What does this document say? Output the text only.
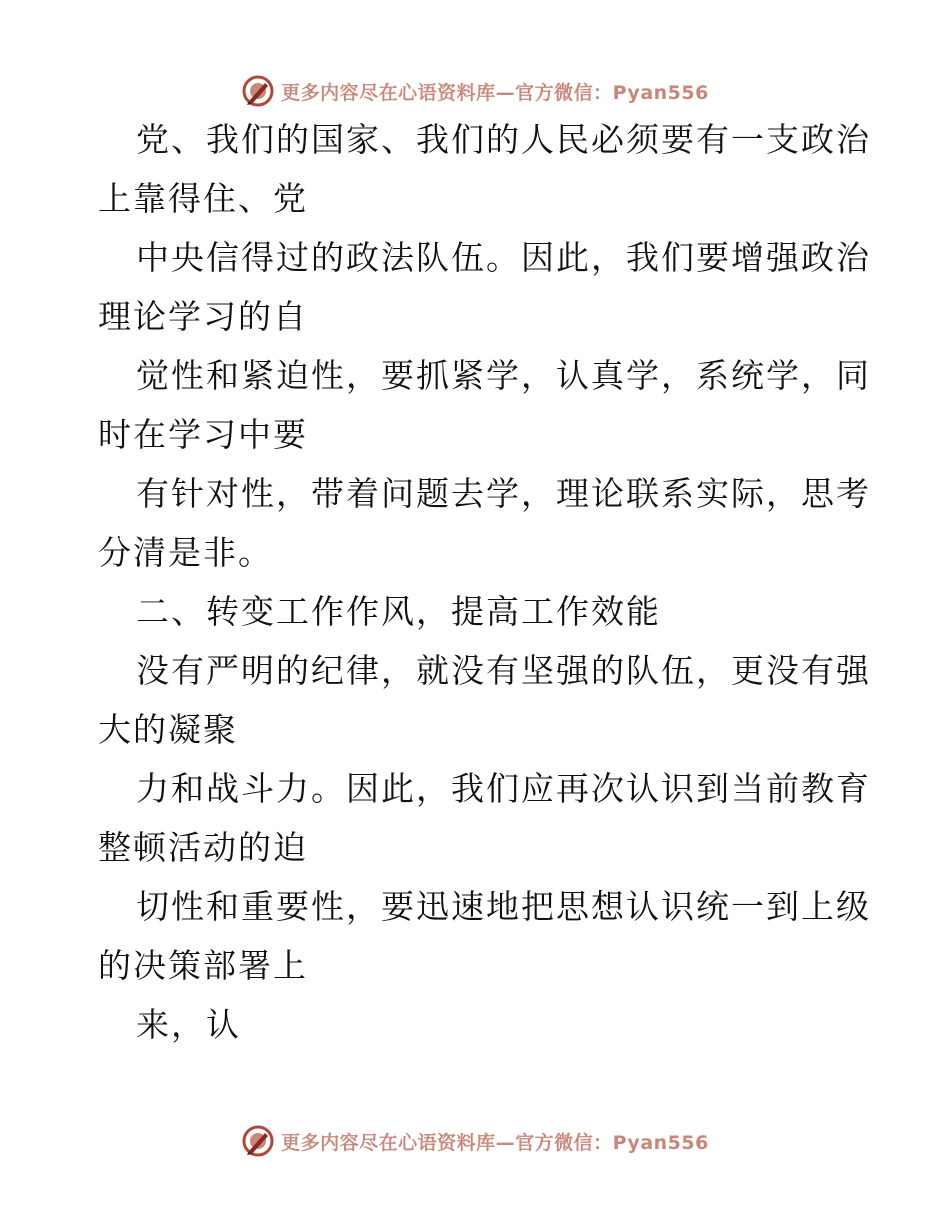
更多内容尽在心语资料库—官方微信：Pyan556
党、我们的国家、我们的人民必须要有一支政治
上靠得住、党
中央信得过的政法队伍。因此，我们要增强政治
理论学习的自
觉性和紧迫性，要抓紧学，认真学，系统学，同
时在学习中要
有针对性，带着问题去学，理论联系实际，思考
分清是非。
二、转变工作作风，提高工作效能
没有严明的纪律，就没有坚强的队伍，更没有强
大的凝聚
力和战斗力。因此，我们应再次认识到当前教育
整顿活动的迫
切性和重要性，要迅速地把思想认识统一到上级
的决策部署上
来，认
更多内容尽在心语资料库—官方微信：Pyan556
